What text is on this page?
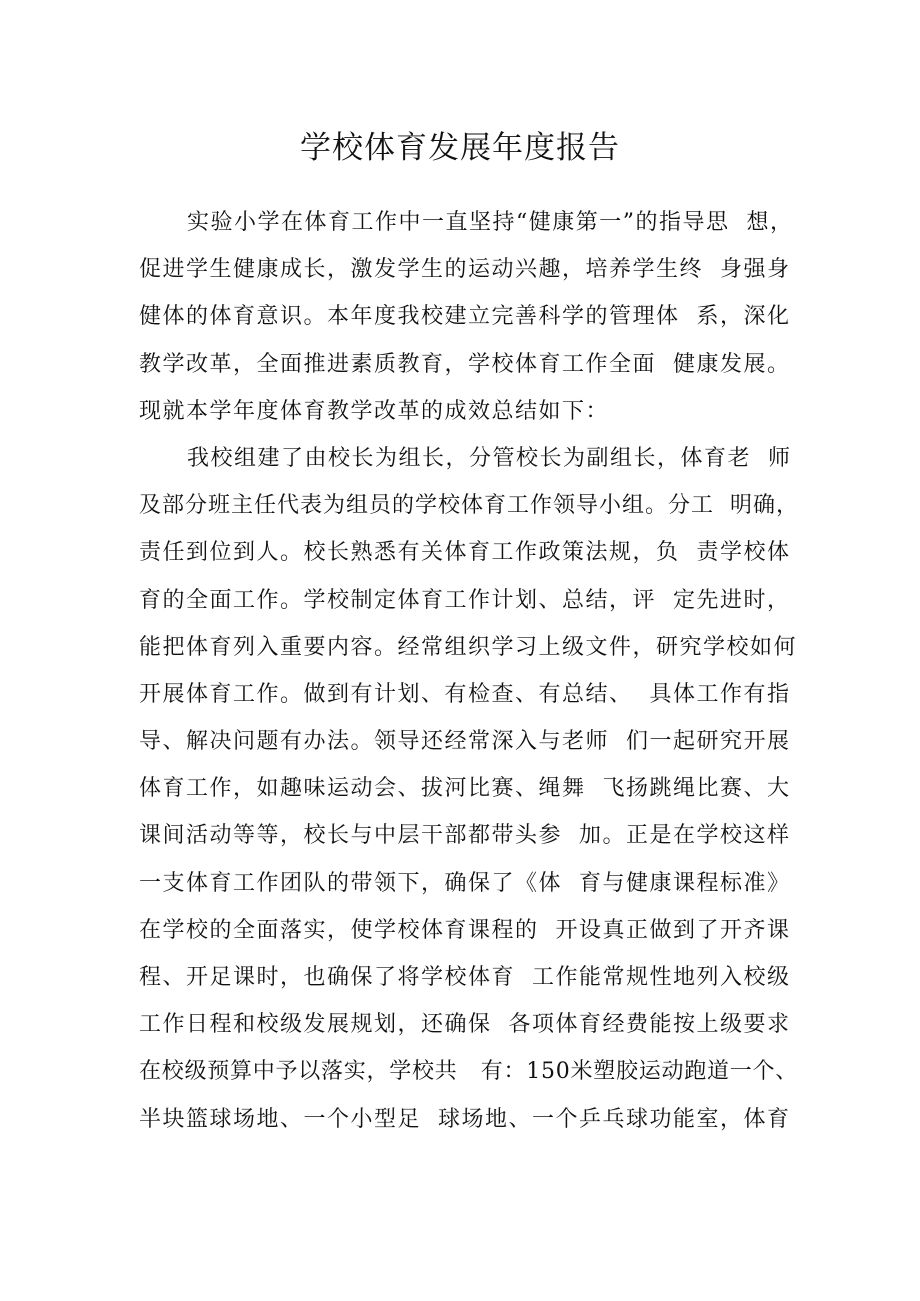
学校体育发展年度报告
实验小学在体育工作中一直坚持“健康第一”的指导思  想，
促进学生健康成长，激发学生的运动兴趣，培养学生终  身强身
健体的体育意识。本年度我校建立完善科学的管理体  系，深化
教学改革，全面推进素质教育，学校体育工作全面  健康发展。
现就本学年度体育教学改革的成效总结如下：
我校组建了由校长为组长，分管校长为副组长，体育老  师
及部分班主任代表为组员的学校体育工作领导小组。分工  明确，
责任到位到人。校长熟悉有关体育工作政策法规，负  责学校体
育的全面工作。学校制定体育工作计划、总结，评  定先进时，
能把体育列入重要内容。经常组织学习上级文件，研究学校如何
开展体育工作。做到有计划、有检查、有总结、  具体工作有指
导、解决问题有办法。领导还经常深入与老师  们一起研究开展
体育工作，如趣味运动会、拔河比赛、绳舞  飞扬跳绳比赛、大
课间活动等等，校长与中层干部都带头参  加。正是在学校这样
一支体育工作团队的带领下，确保了《体  育与健康课程标准》
在学校的全面落实，使学校体育课程的  开设真正做到了开齐课
程、开足课时，也确保了将学校体育  工作能常规性地列入校级
工作日程和校级发展规划，还确保  各项体育经费能按上级要求
在校级预算中予以落实，学校共   有：150米塑胶运动跑道一个、
半块篮球场地、一个小型足  球场地、一个乒乓球功能室，体育
